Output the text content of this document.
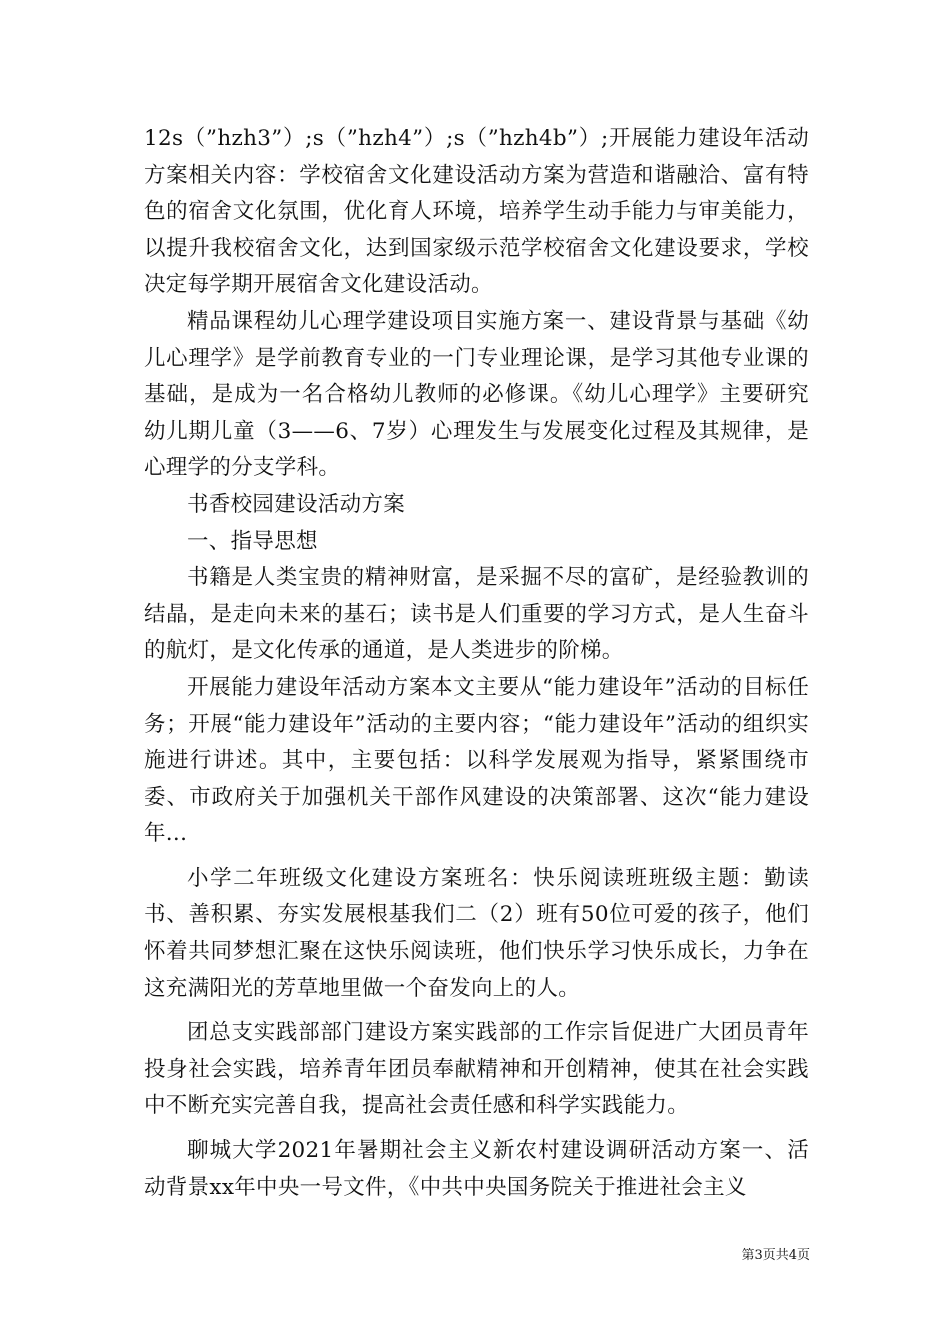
12s（”hzh3”）;s（”hzh4”）;s（”hzh4b”）;开展能力建设年活动方案相关内容：学校宿舍文化建设活动方案为营造和谐融洽、富有特色的宿舍文化氛围，优化育人环境，培养学生动手能力与审美能力，以提升我校宿舍文化，达到国家级示范学校宿舍文化建设要求，学校决定每学期开展宿舍文化建设活动。

精品课程幼儿心理学建设项目实施方案一、建设背景与基础《幼儿心理学》是学前教育专业的一门专业理论课，是学习其他专业课的基础，是成为一名合格幼儿教师的必修课。《幼儿心理学》主要研究幼儿期儿童（3——6、7岁）心理发生与发展变化过程及其规律，是心理学的分支学科。

书香校园建设活动方案

一、指导思想

书籍是人类宝贵的精神财富，是采掘不尽的富矿，是经验教训的结晶，是走向未来的基石；读书是人们重要的学习方式，是人生奋斗的航灯，是文化传承的通道，是人类进步的阶梯。

开展能力建设年活动方案本文主要从“能力建设年”活动的目标任务；开展“能力建设年”活动的主要内容；“能力建设年”活动的组织实施进行讲述。其中，主要包括：以科学发展观为指导，紧紧围绕市委、市政府关于加强机关干部作风建设的决策部署、这次“能力建设年...

小学二年班级文化建设方案班名：快乐阅读班班级主题：勤读书、善积累、夯实发展根基我们二（2）班有50位可爱的孩子，他们怀着共同梦想汇聚在这快乐阅读班，他们快乐学习快乐成长，力争在这充满阳光的芳草地里做一个奋发向上的人。

团总支实践部部门建设方案实践部的工作宗旨促进广大团员青年投身社会实践，培养青年团员奉献精神和开创精神，使其在社会实践中不断充实完善自我，提高社会责任感和科学实践能力。

聊城大学2021年暑期社会主义新农村建设调研活动方案一、活动背景xx年中央一号文件，《中共中央国务院关于推进社会主义

第3页共4页
